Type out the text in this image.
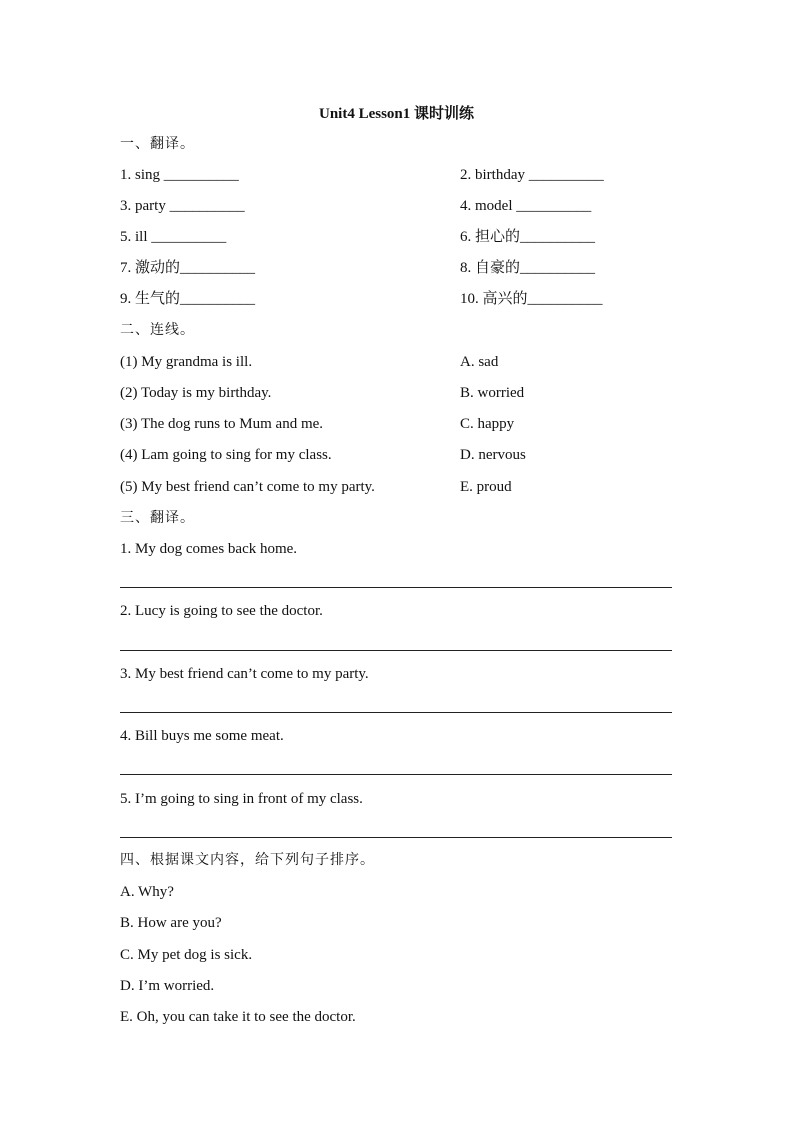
Unit4 Lesson1 课时训练
一、翻译。
1. sing __________	2. birthday __________
3. party __________	4. model __________
5. ill __________	6. 担心的__________
7. 激动的__________	8. 自豪的__________
9. 生气的__________	10. 高兴的__________
二、连线。
(1) My grandma is ill.	A. sad
(2) Today is my birthday.	B. worried
(3) The dog runs to Mum and me.	C. happy
(4) Lam going to sing for my class.	D. nervous
(5) My best friend can’t come to my party.	E. proud
三、翻译。
1. My dog comes back home.
2. Lucy is going to see the doctor.
3. My best friend can’t come to my party.
4. Bill buys me some meat.
5. I’m going to sing in front of my class.
四、根据课文内容，给下列句子排序。
A. Why?
B. How are you?
C. My pet dog is sick.
D. I’m worried.
E. Oh, you can take it to see the doctor.
